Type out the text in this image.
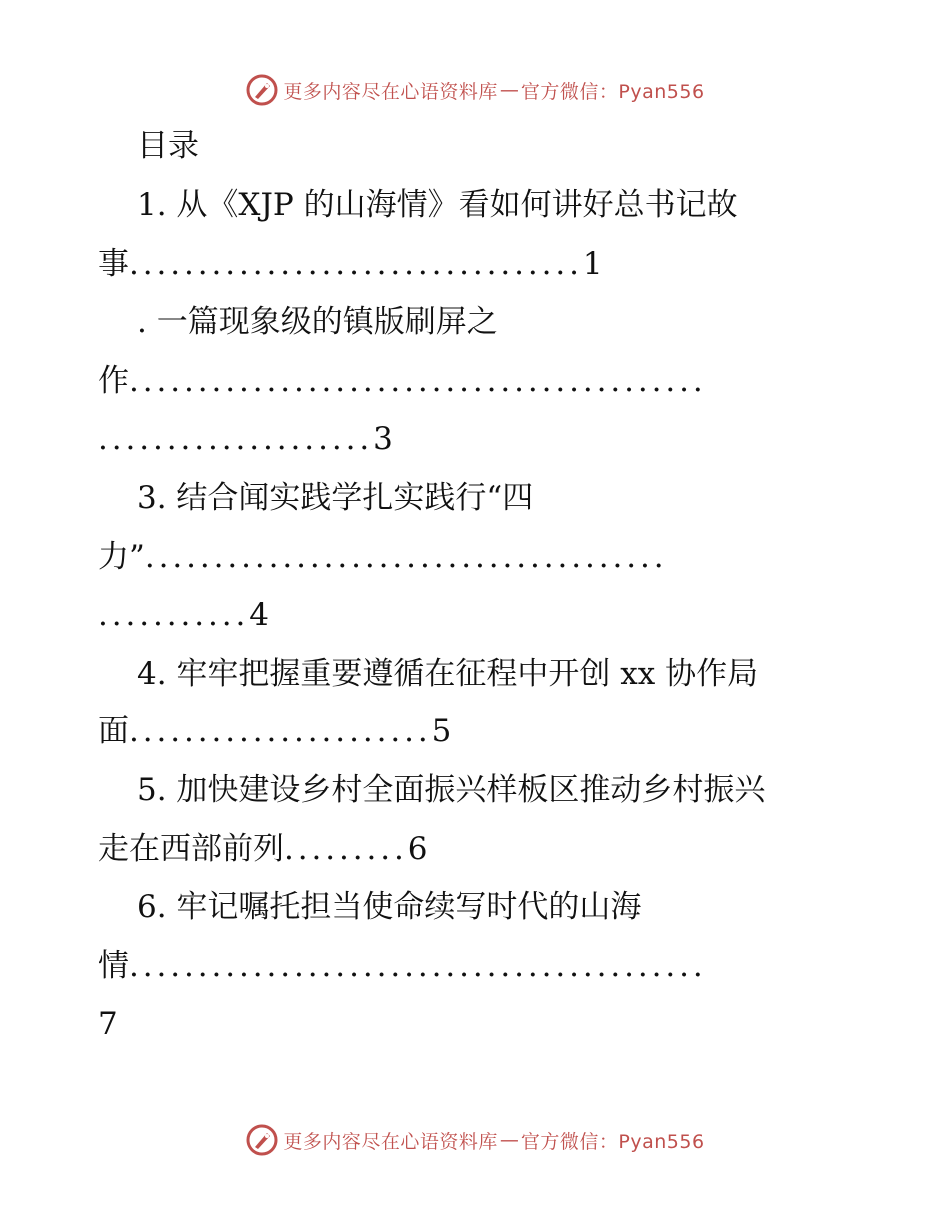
更多内容尽在心语资料库 — 官方微信：Pyan556
目录
1. 从《XJP 的山海情》看如何讲好总书记故
事.................................1
. 一篇现象级的镇版刷屏之
作..........................................
....................3
3. 结合闻实践学扎实践行“四
力”......................................
...........4
4. 牢牢把握重要遵循在征程中开创 xx 协作局
面......................5
5. 加快建设乡村全面振兴样板区推动乡村振兴
走在西部前列.........6
6. 牢记嘱托担当使命续写时代的山海
情..........................................
7
更多内容尽在心语资料库 — 官方微信：Pyan556
